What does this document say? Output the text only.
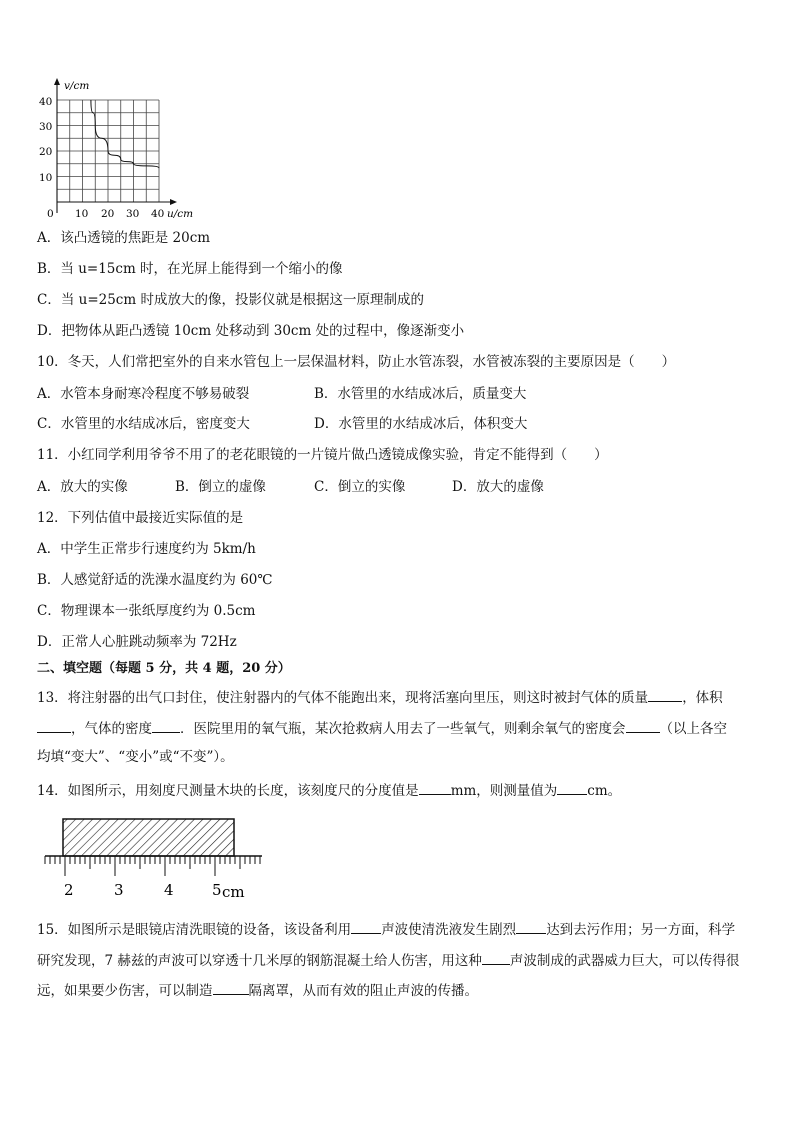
v/cm
u/cm
0
40
30
20
10
10 20 30 40
A．该凸透镜的焦距是 20cm
B．当 u=15cm 时，在光屏上能得到一个缩小的像
C．当 u=25cm 时成放大的像，投影仪就是根据这一原理制成的
D．把物体从距凸透镜 10cm 处移动到 30cm 处的过程中，像逐渐变小
10．冬天，人们常把室外的自来水管包上一层保温材料，防止水管冻裂，水管被冻裂的主要原因是（　　）
A．水管本身耐寒冷程度不够易破裂	B．水管里的水结成冰后，质量变大
C．水管里的水结成冰后，密度变大	D．水管里的水结成冰后，体积变大
11．小红同学利用爷爷不用了的老花眼镜的一片镜片做凸透镜成像实验，肯定不能得到（　　）
A．放大的实像	B．倒立的虚像	C．倒立的实像	D．放大的虚像
12．下列估值中最接近实际值的是
A．中学生正常步行速度约为 5km/h
B．人感觉舒适的洗澡水温度约为 60℃
C．物理课本一张纸厚度约为 0.5cm
D．正常人心脏跳动频率为 72Hz
二、填空题（每题 5 分，共 4 题，20 分）
13．将注射器的出气口封住，使注射器内的气体不能跑出来，现将活塞向里压，则这时被封气体的质量	，体积
，气体的密度 ．医院里用的氧气瓶，某次抢救病人用去了一些氧气，则剩余氧气的密度会	（以上各空
均填“变大”、“变小”或“不变”）。
14．如图所示，用刻度尺测量木块的长度，该刻度尺的分度值是 mm，则测量值为 cm。
2	3	4	5 cm
15．如图所示是眼镜店清洗眼镜的设备，该设备利用 声波使清洗液发生剧烈 达到去污作用；另一方面，科学
研究发现，7 赫兹的声波可以穿透十几米厚的钢筋混凝土给人伤害，用这种 声波制成的武器威力巨大，可以传得很
远，如果要少伤害，可以制造	隔离罩，从而有效的阻止声波的传播。
